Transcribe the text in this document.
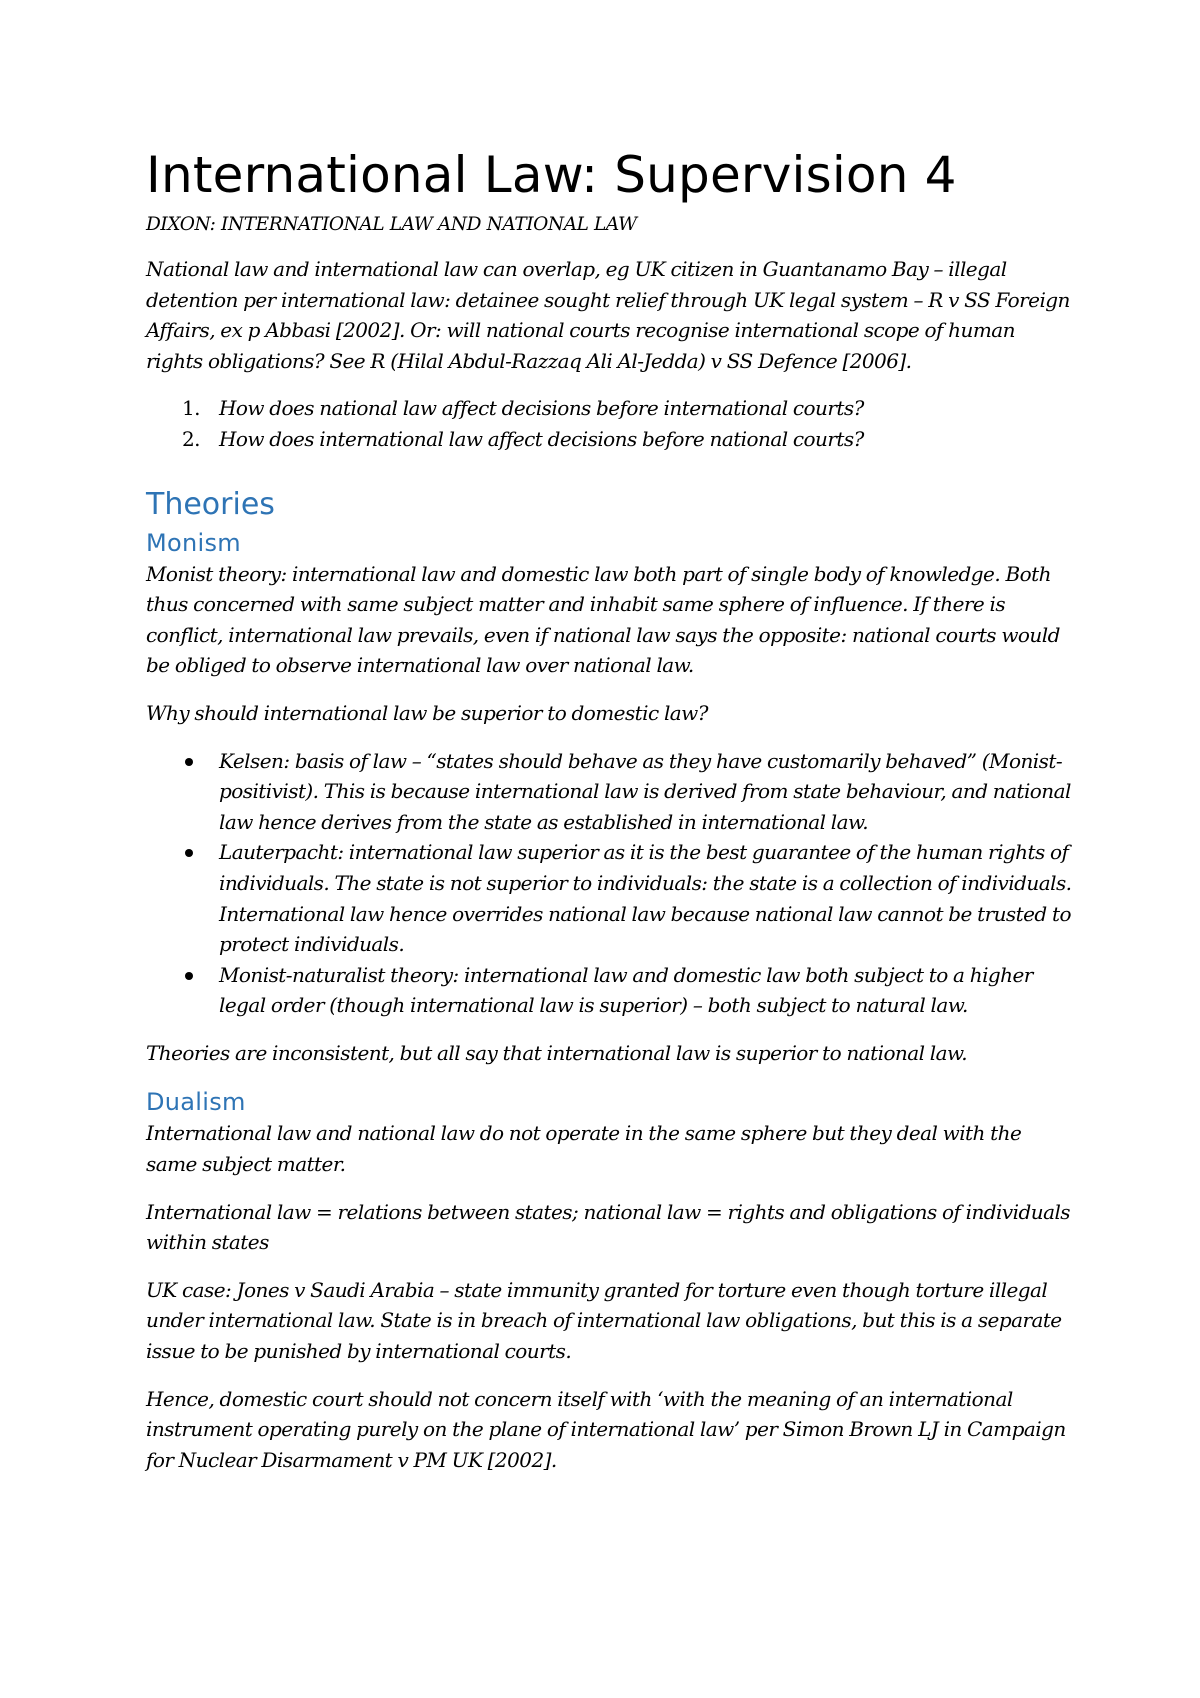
International Law: Supervision 4
DIXON: INTERNATIONAL LAW AND NATIONAL LAW

National law and international law can overlap, eg UK citizen in Guantanamo Bay – illegal detention per international law: detainee sought relief through UK legal system – R v SS Foreign Affairs, ex p Abbasi [2002]. Or: will national courts recognise international scope of human rights obligations? See R (Hilal Abdul-Razzaq Ali Al-Jedda) v SS Defence [2006].

1. How does national law affect decisions before international courts?
2. How does international law affect decisions before national courts?
Theories
Monism

Monist theory: international law and domestic law both part of single body of knowledge. Both thus concerned with same subject matter and inhabit same sphere of influence. If there is conflict, international law prevails, even if national law says the opposite: national courts would be obliged to observe international law over national law.

Why should international law be superior to domestic law?

Kelsen: basis of law – “states should behave as they have customarily behaved” (Monist-positivist). This is because international law is derived from state behaviour, and national law hence derives from the state as established in international law.
Lauterpacht: international law superior as it is the best guarantee of the human rights of individuals. The state is not superior to individuals: the state is a collection of individuals. International law hence overrides national law because national law cannot be trusted to protect individuals.
Monist-naturalist theory: international law and domestic law both subject to a higher legal order (though international law is superior) – both subject to natural law.

Theories are inconsistent, but all say that international law is superior to national law.

Dualism

International law and national law do not operate in the same sphere but they deal with the same subject matter.

International law = relations between states; national law = rights and obligations of individuals within states

UK case: Jones v Saudi Arabia – state immunity granted for torture even though torture illegal under international law. State is in breach of international law obligations, but this is a separate issue to be punished by international courts.

Hence, domestic court should not concern itself with ‘with the meaning of an international instrument operating purely on the plane of international law’ per Simon Brown LJ in Campaign for Nuclear Disarmament v PM UK [2002].
